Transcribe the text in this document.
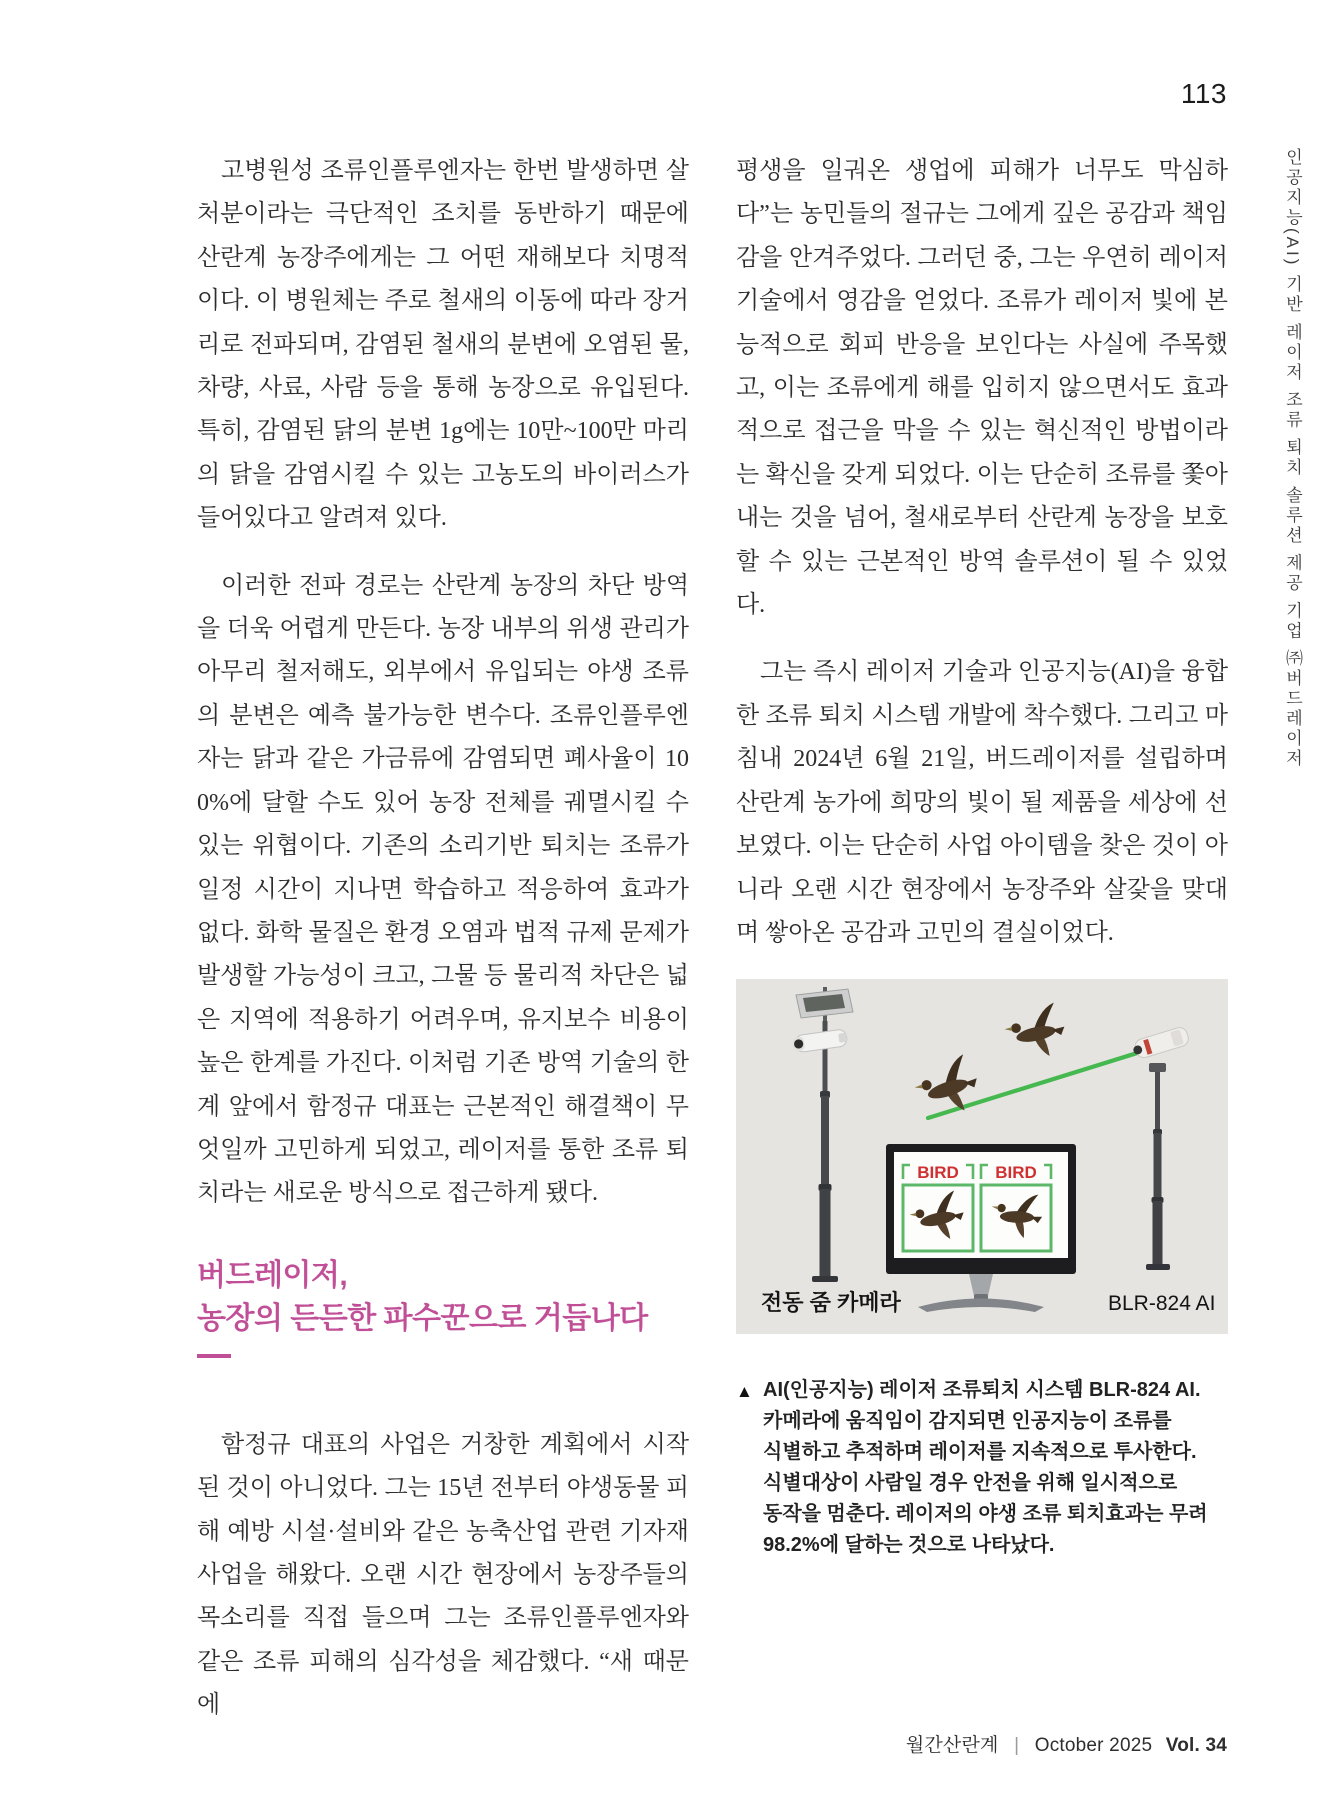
113
인공지능(AI) 기반 레이저 조류 퇴치 솔루션 제공 기업 ㈜버드레이저

고병원성 조류인플루엔자는 한번 발생하면 살처분이라는 극단적인 조치를 동반하기 때문에 산란계 농장주에게는 그 어떤 재해보다 치명적이다. 이 병원체는 주로 철새의 이동에 따라 장거리로 전파되며, 감염된 철새의 분변에 오염된 물, 차량, 사료, 사람 등을 통해 농장으로 유입된다. 특히, 감염된 닭의 분변 1g에는 10만~100만 마리의 닭을 감염시킬 수 있는 고농도의 바이러스가 들어있다고 알려져 있다.

이러한 전파 경로는 산란계 농장의 차단 방역을 더욱 어렵게 만든다. 농장 내부의 위생 관리가 아무리 철저해도, 외부에서 유입되는 야생 조류의 분변은 예측 불가능한 변수다. 조류인플루엔자는 닭과 같은 가금류에 감염되면 폐사율이 100%에 달할 수도 있어 농장 전체를 궤멸시킬 수 있는 위협이다. 기존의 소리기반 퇴치는 조류가 일정 시간이 지나면 학습하고 적응하여 효과가 없다. 화학 물질은 환경 오염과 법적 규제 문제가 발생할 가능성이 크고, 그물 등 물리적 차단은 넓은 지역에 적용하기 어려우며, 유지보수 비용이 높은 한계를 가진다. 이처럼 기존 방역 기술의 한계 앞에서 함정규 대표는 근본적인 해결책이 무엇일까 고민하게 되었고, 레이저를 통한 조류 퇴치라는 새로운 방식으로 접근하게 됐다.

버드레이저,
농장의 든든한 파수꾼으로 거듭나다

함정규 대표의 사업은 거창한 계획에서 시작된 것이 아니었다. 그는 15년 전부터 야생동물 피해 예방 시설·설비와 같은 농축산업 관련 기자재 사업을 해왔다. 오랜 시간 현장에서 농장주들의 목소리를 직접 들으며 그는 조류인플루엔자와 같은 조류 피해의 심각성을 체감했다. “새 때문에

평생을 일궈온 생업에 피해가 너무도 막심하다”는 농민들의 절규는 그에게 깊은 공감과 책임감을 안겨주었다. 그러던 중, 그는 우연히 레이저 기술에서 영감을 얻었다. 조류가 레이저 빛에 본능적으로 회피 반응을 보인다는 사실에 주목했고, 이는 조류에게 해를 입히지 않으면서도 효과적으로 접근을 막을 수 있는 혁신적인 방법이라는 확신을 갖게 되었다. 이는 단순히 조류를 쫓아내는 것을 넘어, 철새로부터 산란계 농장을 보호할 수 있는 근본적인 방역 솔루션이 될 수 있었다.

그는 즉시 레이저 기술과 인공지능(AI)을 융합한 조류 퇴치 시스템 개발에 착수했다. 그리고 마침내 2024년 6월 21일, 버드레이저를 설립하며 산란계 농가에 희망의 빛이 될 제품을 세상에 선보였다. 이는 단순히 사업 아이템을 찾은 것이 아니라 오랜 시간 현장에서 농장주와 살갗을 맞대며 쌓아온 공감과 고민의 결실이었다.

BIRD BIRD
전동 줌 카메라	BLR-824 AI
▲ AI(인공지능) 레이저 조류퇴치 시스템 BLR-824 AI. 카메라에 움직임이 감지되면 인공지능이 조류를 식별하고 추적하며 레이저를 지속적으로 투사한다. 식별대상이 사람일 경우 안전을 위해 일시적으로 동작을 멈춘다. 레이저의 야생 조류 퇴치효과는 무려 98.2%에 달하는 것으로 나타났다.
월간산란계 | October 2025 Vol. 34
